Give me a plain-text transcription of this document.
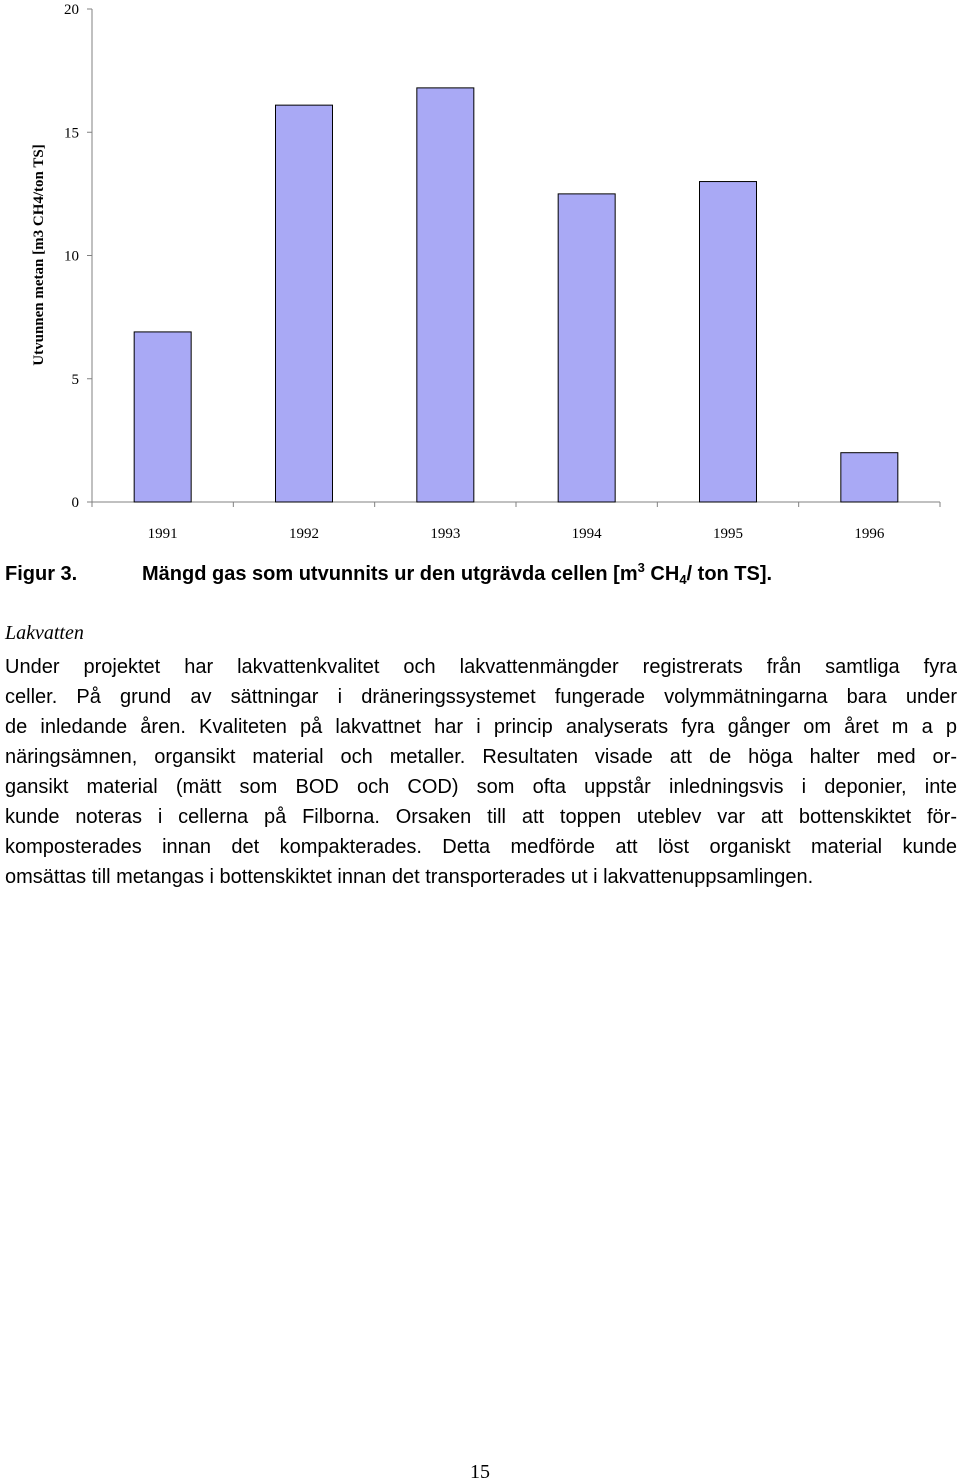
0
5
10
15
20
1991	1992	1993	1994	1995	1996
Utvunnen metan [m3 CH4/ton TS]
Figur 3.	Mängd gas som utvunnits ur den utgrävda cellen [$m^3$ $CH_4/$ ton TS].
Lakvatten
Under projektet har lakvattenkvalitet och lakvattenmängder registrerats från samtliga fyra
celler. På grund av sättningar i dräneringssystemet fungerade volymmätningarna bara under
de inledande åren. Kvaliteten på lakvattnet har i princip analyserats fyra gånger om året m a p
näringsämnen, organsikt material och metaller. Resultaten visade att de höga halter med or-
gansikt material (mätt som BOD och COD) som ofta uppstår inledningsvis i deponier, inte
kunde noteras i cellerna på Filborna. Orsaken till att toppen uteblev var att bottenskiktet för-
komposterades innan det kompakterades. Detta medförde att löst organiskt material kunde
omsättas till metangas i bottenskiktet innan det transporterades ut i lakvattenuppsamlingen.
15
